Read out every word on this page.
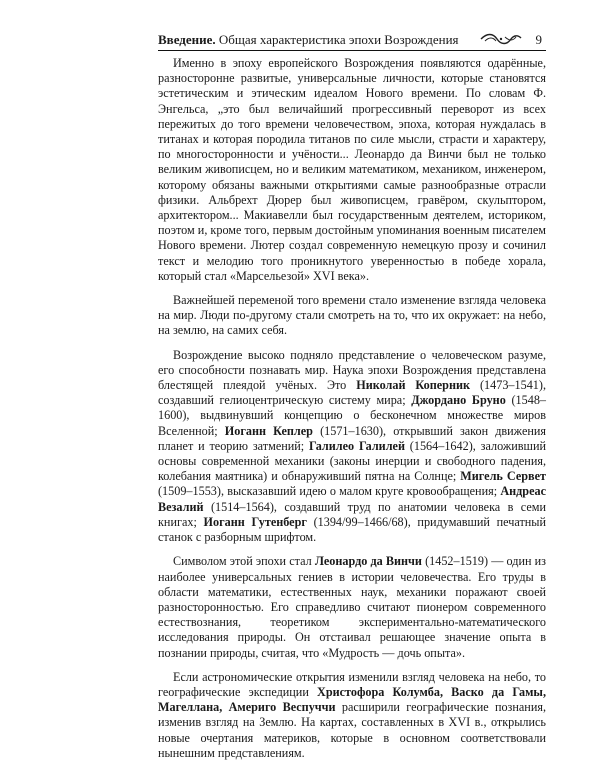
Введение. Общая характеристика эпохи Возрождения	9

Именно в эпоху европейского Возрождения появляются одарённые, разносторонне развитые, универсальные личности, которые становятся эстетическим и этическим идеалом Нового времени. По словам Ф. Энгельса, „это был величайший прогрессивный переворот из всех пережитых до того времени человечеством, эпоха, которая нуждалась в титанах и которая породила титанов по силе мысли, страсти и характеру, по многосторонности и учёности... Леонардо да Винчи был не только великим живописцем, но и великим математиком, механиком, инженером, которому обязаны важными открытиями самые разнообразные отрасли физики. Альбрехт Дюрер был живописцем, гравёром, скульптором, архитектором... Макиавелли был государственным деятелем, историком, поэтом и, кроме того, первым достойным упоминания военным писателем Нового времени. Лютер создал современную немецкую прозу и сочинил текст и мелодию того проникнутого уверенностью в победе хорала, который стал «Марсельезой» XVI века».

Важнейшей переменой того времени стало изменение взгляда человека на мир. Люди по-другому стали смотреть на то, что их окружает: на небо, на землю, на самих себя.

Возрождение высоко подняло представление о человеческом разуме, его способности познавать мир. Наука эпохи Возрождения представлена блестящей плеядой учёных. Это Николай Коперник (1473–1541), создавший гелиоцентрическую систему мира; Джордано Бруно (1548–1600), выдвинувший концепцию о бесконечном множестве миров Вселенной; Иоганн Кеплер (1571–1630), открывший закон движения планет и теорию затмений; Галилео Галилей (1564–1642), заложивший основы современной механики (законы инерции и свободного падения, колебания маятника) и обнаруживший пятна на Солнце; Мигель Сервет (1509–1553), высказавший идею о малом круге кровообращения; Андреас Везалий (1514–1564), создавший труд по анатомии человека в семи книгах; Иоганн Гутенберг (1394/99–1466/68), придумавший печатный станок с разборным шрифтом.

Символом этой эпохи стал Леонардо да Винчи (1452–1519) — один из наиболее универсальных гениев в истории человечества. Его труды в области математики, естественных наук, механики поражают своей разносторонностью. Его справедливо считают пионером современного естествознания, теоретиком экспериментально-математического исследования природы. Он отстаивал решающее значение опыта в познании природы, считая, что «Мудрость — дочь опыта».

Если астрономические открытия изменили взгляд человека на небо, то географические экспедиции Христофора Колумба, Васко да Гамы, Магеллана, Америго Веспуччи расширили географические познания, изменив взгляд на Землю. На картах, составленных в XVI в., открылись новые очертания материков, которые в основном соответствовали нынешним представлениям.
